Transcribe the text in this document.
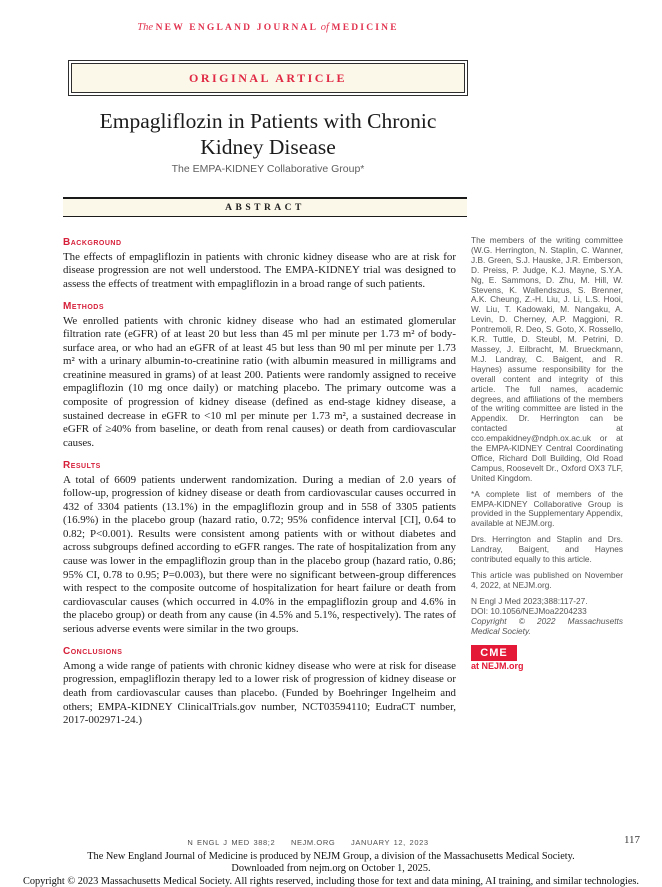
The NEW ENGLAND JOURNAL of MEDICINE
ORIGINAL ARTICLE
Empagliflozin in Patients with Chronic Kidney Disease
The EMPA-KIDNEY Collaborative Group*
ABSTRACT
Background
The effects of empagliflozin in patients with chronic kidney disease who are at risk for disease progression are not well understood. The EMPA-KIDNEY trial was designed to assess the effects of treatment with empagliflozin in a broad range of such patients.
Methods
We enrolled patients with chronic kidney disease who had an estimated glomerular filtration rate (eGFR) of at least 20 but less than 45 ml per minute per 1.73 m² of body-surface area, or who had an eGFR of at least 45 but less than 90 ml per minute per 1.73 m² with a urinary albumin-to-creatinine ratio (with albumin measured in milligrams and creatinine measured in grams) of at least 200. Patients were randomly assigned to receive empagliflozin (10 mg once daily) or matching placebo. The primary outcome was a composite of progression of kidney disease (defined as end-stage kidney disease, a sustained decrease in eGFR to <10 ml per minute per 1.73 m², a sustained decrease in eGFR of ≥40% from baseline, or death from renal causes) or death from cardiovascular causes.
Results
A total of 6609 patients underwent randomization. During a median of 2.0 years of follow-up, progression of kidney disease or death from cardiovascular causes occurred in 432 of 3304 patients (13.1%) in the empagliflozin group and in 558 of 3305 patients (16.9%) in the placebo group (hazard ratio, 0.72; 95% confidence interval [CI], 0.64 to 0.82; P<0.001). Results were consistent among patients with or without diabetes and across subgroups defined according to eGFR ranges. The rate of hospitalization from any cause was lower in the empagliflozin group than in the placebo group (hazard ratio, 0.86; 95% CI, 0.78 to 0.95; P=0.003), but there were no significant between-group differences with respect to the composite outcome of hospitalization for heart failure or death from cardiovascular causes (which occurred in 4.0% in the empagliflozin group and 4.6% in the placebo group) or death from any cause (in 4.5% and 5.1%, respectively). The rates of serious adverse events were similar in the two groups.
Conclusions
Among a wide range of patients with chronic kidney disease who were at risk for disease progression, empagliflozin therapy led to a lower risk of progression of kidney disease or death from cardiovascular causes than placebo. (Funded by Boehringer Ingelheim and others; EMPA-KIDNEY ClinicalTrials.gov number, NCT03594110; EudraCT number, 2017-002971-24.)

The members of the writing committee (W.G. Herrington, N. Staplin, C. Wanner, J.B. Green, S.J. Hauske, J.R. Emberson, D. Preiss, P. Judge, K.J. Mayne, S.Y.A. Ng, E. Sammons, D. Zhu, M. Hill, W. Stevens, K. Wallendszus, S. Brenner, A.K. Cheung, Z.-H. Liu, J. Li, L.S. Hooi, W. Liu, T. Kadowaki, M. Nangaku, A. Levin, D. Cherney, A.P. Maggioni, R. Pontremoli, R. Deo, S. Goto, X. Rossello, K.R. Tuttle, D. Steubl, M. Petrini, D. Massey, J. Eilbracht, M. Brueckmann, M.J. Landray, C. Baigent, and R. Haynes) assume responsibility for the overall content and integrity of this article. The full names, academic degrees, and affiliations of the members of the writing committee are listed in the Appendix. Dr. Herrington can be contacted at cco.empakidney@ndph.ox.ac.uk or at the EMPA-KIDNEY Central Coordinating Office, Richard Doll Building, Old Road Campus, Roosevelt Dr., Oxford OX3 7LF, United Kingdom.

*A complete list of members of the EMPA-KIDNEY Collaborative Group is provided in the Supplementary Appendix, available at NEJM.org.

Drs. Herrington and Staplin and Drs. Landray, Baigent, and Haynes contributed equally to this article.

This article was published on November 4, 2022, at NEJM.org.

N Engl J Med 2023;388:117-27.

DOI: 10.1056/NEJMoa2204233

Copyright © 2022 Massachusetts Medical Society.

CME
at NEJM.org
N ENGL J MED 388;2 NEJM.ORG JANUARY 12, 2023	117
The New England Journal of Medicine is produced by NEJM Group, a division of the Massachusetts Medical Society.
Downloaded from nejm.org on October 1, 2025.
Copyright © 2023 Massachusetts Medical Society. All rights reserved, including those for text and data mining, AI training, and similar technologies.
